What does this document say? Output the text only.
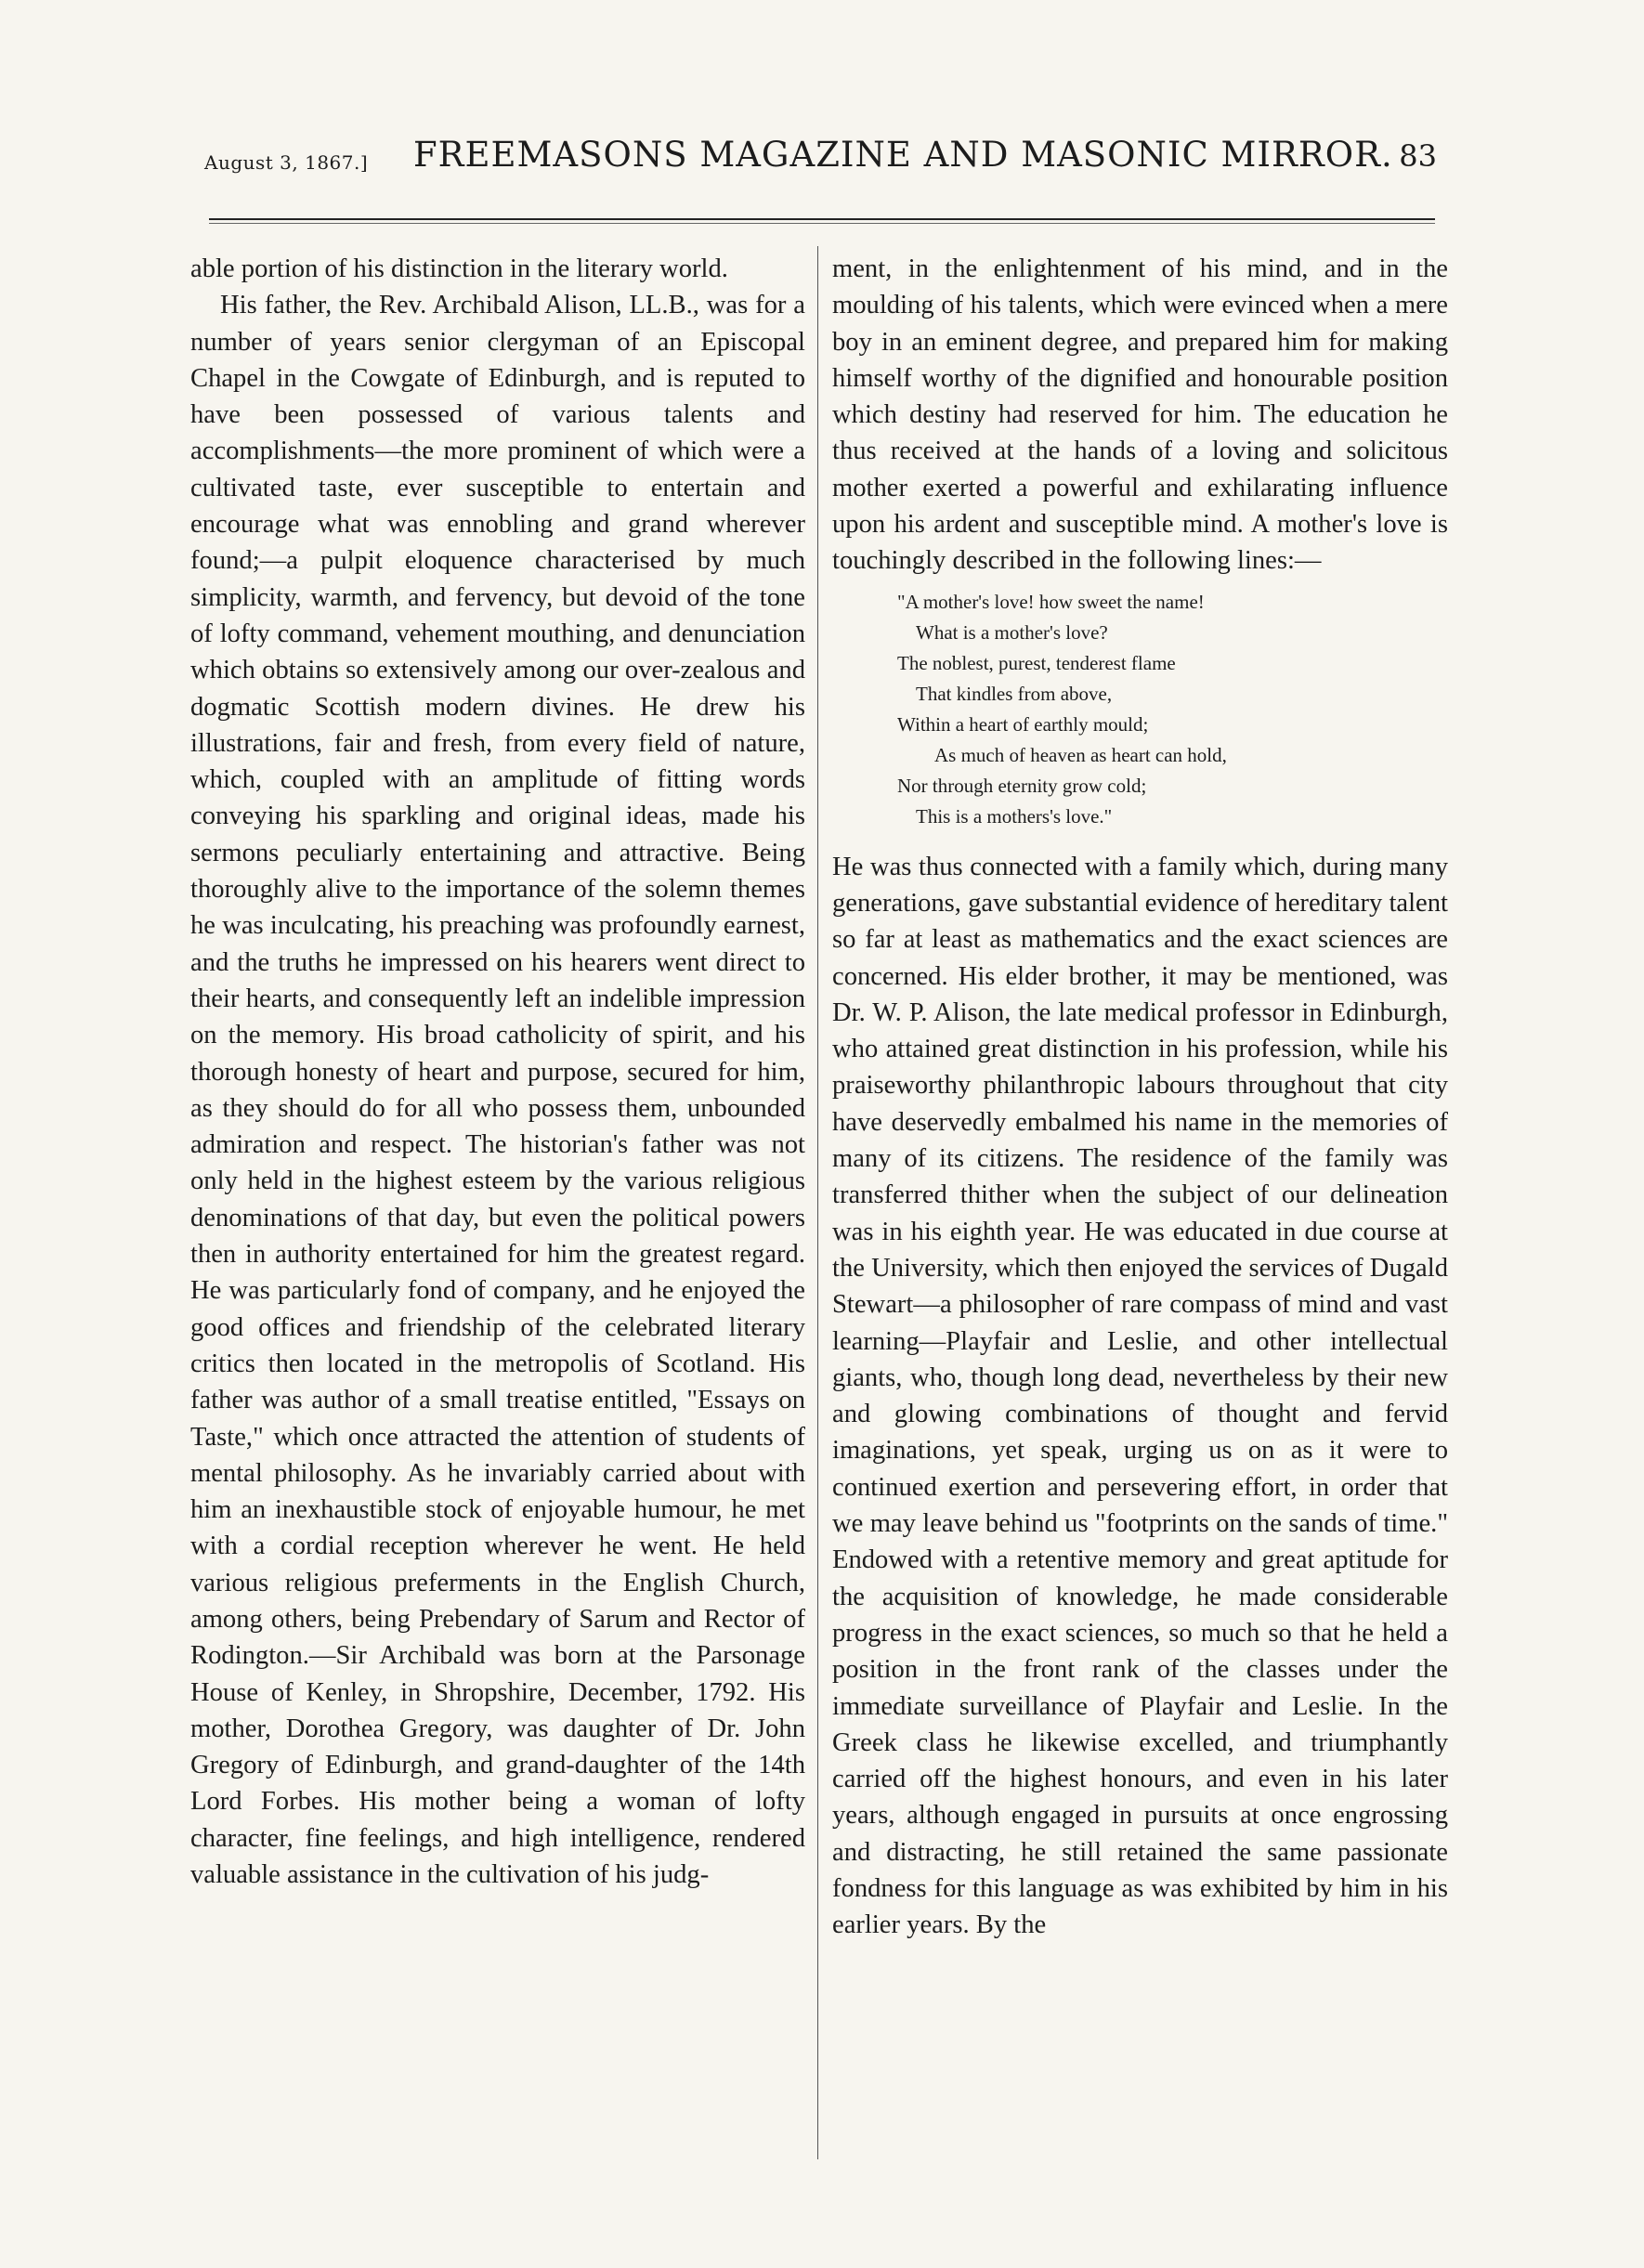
August 3, 1867.] FREEMASONS MAGAZINE AND MASONIC MIRROR. 83

able portion of his distinction in the literary world.

His father, the Rev. Archibald Alison, LL.B., was for a number of years senior clergyman of an Episcopal Chapel in the Cowgate of Edinburgh, and is reputed to have been possessed of various talents and accomplishments—the more prominent of which were a cultivated taste, ever susceptible to entertain and encourage what was ennobling and grand wherever found;—a pulpit eloquence characterised by much simplicity, warmth, and fervency, but devoid of the tone of lofty command, vehement mouthing, and denunciation which obtains so extensively among our over-zealous and dogmatic Scottish modern divines. He drew his illustrations, fair and fresh, from every field of nature, which, coupled with an amplitude of fitting words conveying his sparkling and original ideas, made his sermons peculiarly entertaining and attractive. Being thoroughly alive to the importance of the solemn themes he was inculcating, his preaching was profoundly earnest, and the truths he impressed on his hearers went direct to their hearts, and consequently left an indelible impression on the memory. His broad catholicity of spirit, and his thorough honesty of heart and purpose, secured for him, as they should do for all who possess them, unbounded admiration and respect. The historian's father was not only held in the highest esteem by the various religious denominations of that day, but even the political powers then in authority entertained for him the greatest regard. He was particularly fond of company, and he enjoyed the good offices and friendship of the celebrated literary critics then located in the metropolis of Scotland. His father was author of a small treatise entitled, "Essays on Taste," which once attracted the attention of students of mental philosophy. As he invariably carried about with him an inexhaustible stock of enjoyable humour, he met with a cordial reception wherever he went. He held various religious preferments in the English Church, among others, being Prebendary of Sarum and Rector of Rodington.—Sir Archibald was born at the Parsonage House of Kenley, in Shropshire, December, 1792. His mother, Dorothea Gregory, was daughter of Dr. John Gregory of Edinburgh, and grand-daughter of the 14th Lord Forbes. His mother being a woman of lofty character, fine feelings, and high intelligence, rendered valuable assistance in the cultivation of his judg-

ment, in the enlightenment of his mind, and in the moulding of his talents, which were evinced when a mere boy in an eminent degree, and prepared him for making himself worthy of the dignified and honourable position which destiny had reserved for him. The education he thus received at the hands of a loving and solicitous mother exerted a powerful and exhilarating influence upon his ardent and susceptible mind. A mother's love is touchingly described in the following lines:—

"A mother's love! how sweet the name!
What is a mother's love?
The noblest, purest, tenderest flame
That kindles from above,
Within a heart of earthly mould;
As much of heaven as heart can hold,
Nor through eternity grow cold;
This is a mothers's love."

He was thus connected with a family which, during many generations, gave substantial evidence of hereditary talent so far at least as mathematics and the exact sciences are concerned. His elder brother, it may be mentioned, was Dr. W. P. Alison, the late medical professor in Edinburgh, who attained great distinction in his profession, while his praiseworthy philanthropic labours throughout that city have deservedly embalmed his name in the memories of many of its citizens. The residence of the family was transferred thither when the subject of our delineation was in his eighth year. He was educated in due course at the University, which then enjoyed the services of Dugald Stewart—a philosopher of rare compass of mind and vast learning—Playfair and Leslie, and other intellectual giants, who, though long dead, nevertheless by their new and glowing combinations of thought and fervid imaginations, yet speak, urging us on as it were to continued exertion and persevering effort, in order that we may leave behind us "footprints on the sands of time." Endowed with a retentive memory and great aptitude for the acquisition of knowledge, he made considerable progress in the exact sciences, so much so that he held a position in the front rank of the classes under the immediate surveillance of Playfair and Leslie. In the Greek class he likewise excelled, and triumphantly carried off the highest honours, and even in his later years, although engaged in pursuits at once engrossing and distracting, he still retained the same passionate fondness for this language as was exhibited by him in his earlier years. By the
